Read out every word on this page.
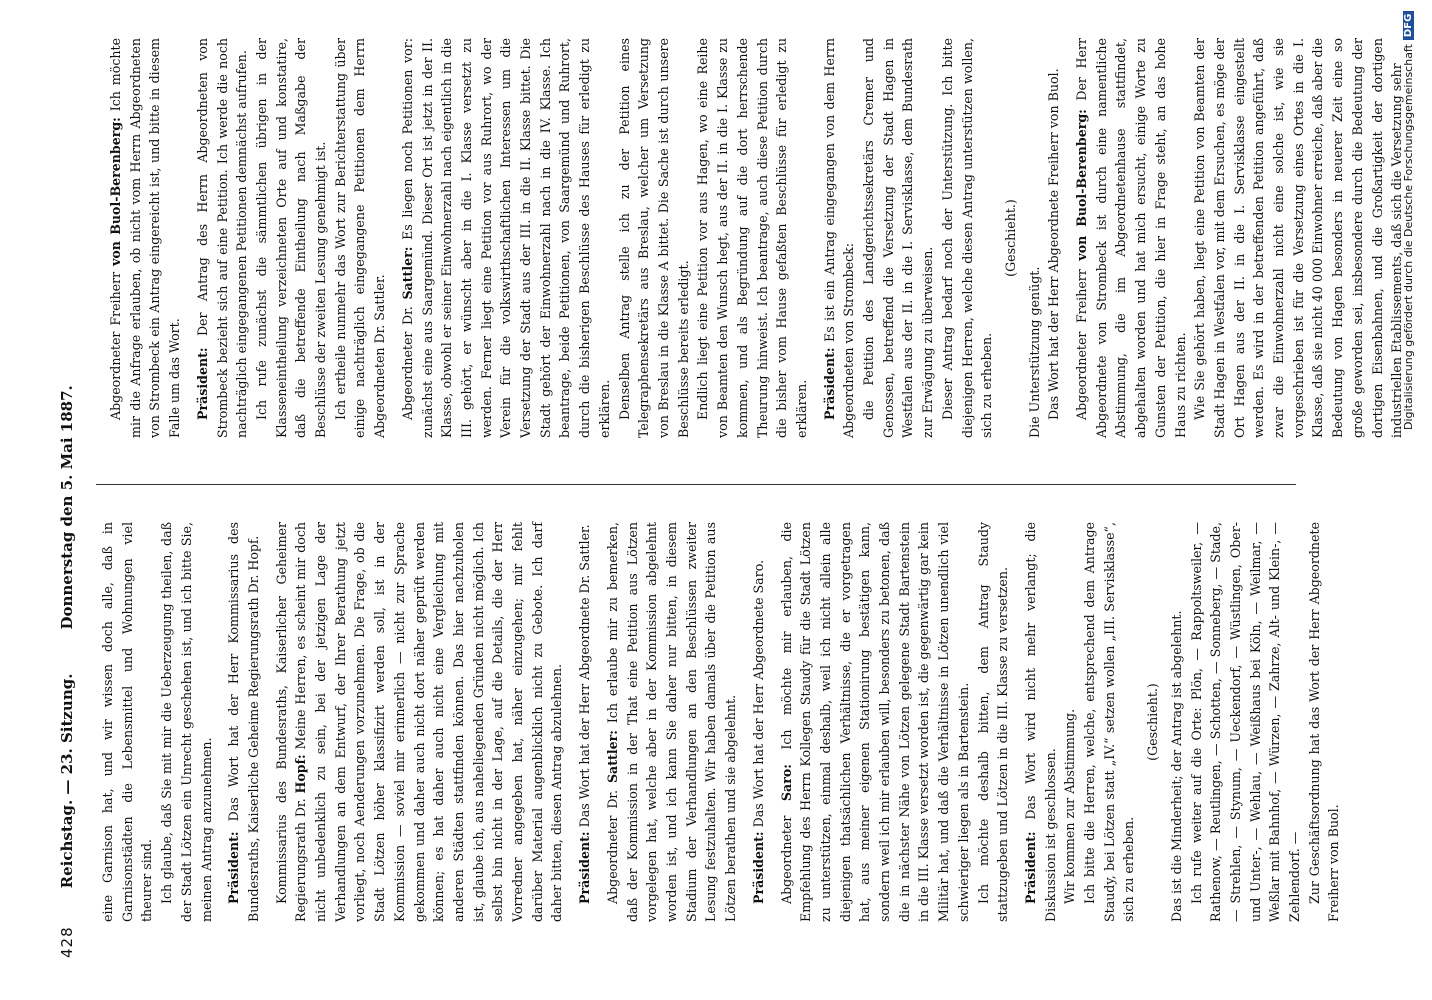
428
Reichstag. — 23. Sitzung.
Donnerstag den 5. Mai 1887.

eine Garnison hat, und wir wissen doch alle, daß in Garnisonstädten die Lebensmittel und Wohnungen viel theurer sind. Ich glaube, daß Sie mit mir die Ueberzeugung theilen, daß der Stadt Lötzen ein Unrecht geschehen ist, und ich bitte Sie, meinen Antrag anzunehmen. Präsident: Das Wort hat der Herr Kommissarius des Bundesraths, Kaiserliche Geheime Regierungsrath Dr. Hopf. Kommissarius des Bundesraths, Kaiserlicher Geheimer Regierungsrath Dr. Hopf: Meine Herren, es scheint mir doch nicht unbedenklich zu sein, bei der jetzigen Lage der Verhandlungen an dem Entwurf, der Ihrer Berathung jetzt vorliegt, noch Aenderungen vorzunehmen. Die Frage, ob die Stadt Lötzen höher klassifizirt werden soll, ist in der Kommission — soviel mir erinnerlich — nicht zur Sprache gekommen und daher auch nicht dort näher geprüft werden können; es hat daher auch nicht eine Vergleichung mit anderen Städten stattfinden können. Das hier nachzuholen ist, glaube ich, aus naheliegenden Gründen nicht möglich. Ich selbst bin nicht in der Lage, auf die Details, die der Herr Vorredner angegeben hat, näher einzugehen; mir fehlt darüber Material augenblicklich nicht zu Gebote. Ich darf daher bitten, diesen Antrag abzulehnen. Präsident: Das Wort hat der Herr Abgeordnete Dr. Sattler.

Abgeordneter Dr. Sattler: Ich erlaube mir zu bemerken, daß der Kommission in der That eine Petition aus Lötzen vorgelegen hat, welche aber in der Kommission abgelehnt worden ist, und ich kann Sie daher nur bitten, in diesem Stadium der Verhandlungen an den Beschlüssen zweiter Lesung festzuhalten. Wir haben damals über die Petition aus Lötzen berathen und sie abgelehnt. Präsident: Das Wort hat der Herr Abgeordnete Saro.

Abgeordneter Saro: Ich möchte mir erlauben, die Empfehlung des Herrn Kollegen Staudy für die Stadt Lötzen zu unterstützen, einmal deshalb, weil ich nicht allein alle diejenigen thatsächlichen Verhältnisse, die er vorgetragen hat, aus meiner eigenen Stationirung bestätigen kann, sondern weil ich mir erlauben will, besonders zu betonen, daß die in nächster Nähe von Lötzen gelegene Stadt Bartenstein in die III. Klasse versetzt worden ist, die gegenwärtig gar kein Militär hat, und daß die Verhältnisse in Lötzen unendlich viel schwieriger liegen als in Bartenstein. Ich möchte deshalb bitten, dem Antrag Staudy stattzugeben und Lötzen in die III. Klasse zu versetzen. Präsident: Das Wort wird nicht mehr verlangt; die Diskussion ist geschlossen. Wir kommen zur Abstimmung. Ich bitte die Herren, welche, entsprechend dem Antrage Staudy, bei Lötzen statt „IV.“ setzen wollen „III. Servisklasse“, sich zu erheben.

(Geschieht.) Das ist die Minderheit; der Antrag ist abgelehnt. Ich rufe weiter auf die Orte: Plön, — Rappoltsweiler, — Rathenow, — Reutlingen, — Schotten, — Sonneberg, — Stade, — Strehlen, — Stynum, — Ueckendorf, — Wüstlingen, Ober- und Unter-, — Wehlau, — Weißhaus bei Köln, — Weilmar, — Weßlar mit Bahnhof, — Würzen, — Zahrze, Alt- und Klein-, — Zehlendorf. — Zur Geschäftsordnung hat das Wort der Herr Abgeordnete Freiherr von Buol.

Abgeordneter Freiherr von Buol-Berenberg: Ich möchte mir die Anfrage erlauben, ob nicht vom Herrn Abgeordneten von Strombeck ein Antrag eingereicht ist, und bitte in diesem Falle um das Wort. Präsident: Der Antrag des Herrn Abgeordneten von Strombeck bezieht sich auf eine Petition. Ich werde die noch nachträglich eingegangenen Petitionen demnächst aufrufen. Ich rufe zunächst die sämmtlichen übrigen in der Klasseneintheilung verzeichneten Orte auf und konstatire, daß die betreffende Eintheilung nach Maßgabe der Beschlüsse der zweiten Lesung genehmigt ist. Ich ertheile nunmehr das Wort zur Berichterstattung über einige nachträglich eingegangene Petitionen dem Herrn Abgeordneten Dr. Sattler. Abgeordneter Dr. Sattler: Es liegen noch Petitionen vor: zunächst eine aus Saargemünd. Dieser Ort ist jetzt in der II. Klasse, obwohl er seiner Einwohnerzahl nach eigentlich in die III. gehört, er wünscht aber in die I. Klasse versetzt zu werden. Ferner liegt eine Petition vor aus Ruhrort, wo der Verein für die volkswirthschaftlichen Interessen um die Versetzung der Stadt aus der III. in die II. Klasse bittet. Die Stadt gehört der Einwohnerzahl nach in die IV. Klasse. Ich beantrage, beide Petitionen, von Saargemünd und Ruhrort, durch die bisherigen Beschlüsse des Hauses für erledigt zu erklären. Denselben Antrag stelle ich zu der Petition eines Telegraphensekretärs aus Breslau, welcher um Versetzung von Breslau in die Klasse A bittet. Die Sache ist durch unsere Beschlüsse bereits erledigt. Endlich liegt eine Petition vor aus Hagen, wo eine Reihe von Beamten den Wunsch hegt, aus der II. in die I. Klasse zu kommen, und als Begründung auf die dort herrschende Theurung hinweist. Ich beantrage, auch diese Petition durch die bisher vom Hause gefaßten Beschlüsse für erledigt zu erklären. Präsident: Es ist ein Antrag eingegangen von dem Herrn Abgeordneten von Strombeck: die Petition des Landgerichtssekretärs Cremer und Genossen, betreffend die Versetzung der Stadt Hagen in Westfalen aus der II. in die I. Servisklasse, dem Bundesrath zur Erwägung zu überweisen. Dieser Antrag bedarf noch der Unterstützung. Ich bitte diejenigen Herren, welche diesen Antrag unterstützen wollen, sich zu erheben.

(Geschieht.)

Die Unterstützung genügt. Das Wort hat der Herr Abgeordnete Freiherr von Buol. Abgeordneter Freiherr von Buol-Berenberg: Der Herr Abgeordnete von Strombeck ist durch eine namentliche Abstimmung, die im Abgeordnetenhause stattfindet, abgehalten worden und hat mich ersucht, einige Worte zu Gunsten der Petition, die hier in Frage steht, an das hohe Haus zu richten. Wie Sie gehört haben, liegt eine Petition von Beamten der Stadt Hagen in Westfalen vor, mit dem Ersuchen, es möge der Ort Hagen aus der II. in die I. Servisklasse eingestellt werden. Es wird in der betreffenden Petition angeführt, daß zwar die Einwohnerzahl nicht eine solche ist, wie sie vorgeschrieben ist für die Versetzung eines Ortes in die I. Klasse, daß sie nicht 40 000 Einwohner erreiche, daß aber die Bedeutung von Hagen besonders in neuerer Zeit eine so große geworden sei, insbesondere durch die Bedeutung der dortigen Eisenbahnen, und die Großartigkeit der dortigen industriellen Etablissements, daß sich die Versetzung sehr

Digitalisierung gefördert durch die Deutsche Forschungsgemeinschaft
DFG
